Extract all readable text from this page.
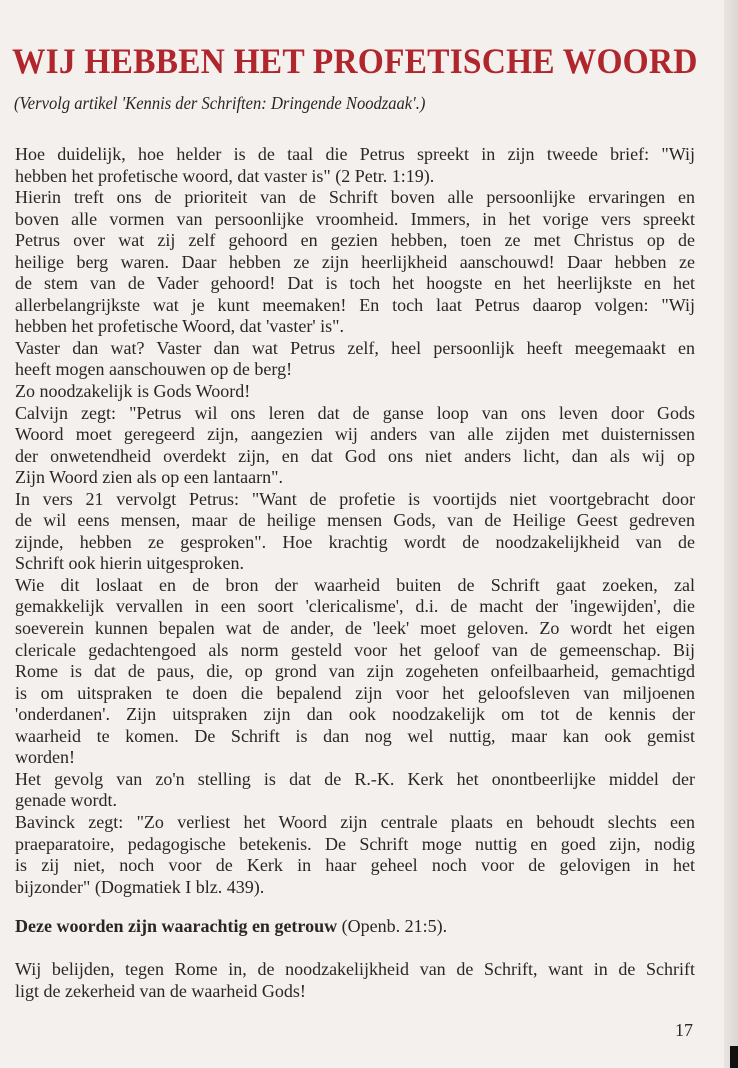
WIJ HEBBEN HET PROFETISCHE WOORD
(Vervolg artikel 'Kennis der Schriften: Dringende Noodzaak'.)
Hoe duidelijk, hoe helder is de taal die Petrus spreekt in zijn tweede brief: "Wij
hebben het profetische woord, dat vaster is" (2 Petr. 1:19).
Hierin treft ons de prioriteit van de Schrift boven alle persoonlijke ervaringen en
boven alle vormen van persoonlijke vroomheid. Immers, in het vorige vers spreekt
Petrus over wat zij zelf gehoord en gezien hebben, toen ze met Christus op de
heilige berg waren. Daar hebben ze zijn heerlijkheid aanschouwd! Daar hebben ze
de stem van de Vader gehoord! Dat is toch het hoogste en het heerlijkste en het
allerbelangrijkste wat je kunt meemaken! En toch laat Petrus daarop volgen: "Wij
hebben het profetische Woord, dat 'vaster' is".
Vaster dan wat? Vaster dan wat Petrus zelf, heel persoonlijk heeft meegemaakt en
heeft mogen aanschouwen op de berg!
Zo noodzakelijk is Gods Woord!
Calvijn zegt: "Petrus wil ons leren dat de ganse loop van ons leven door Gods
Woord moet geregeerd zijn, aangezien wij anders van alle zijden met duisternissen
der onwetendheid overdekt zijn, en dat God ons niet anders licht, dan als wij op
Zijn Woord zien als op een lantaarn".
In vers 21 vervolgt Petrus: "Want de profetie is voortijds niet voortgebracht door
de wil eens mensen, maar de heilige mensen Gods, van de Heilige Geest gedreven
zijnde, hebben ze gesproken". Hoe krachtig wordt de noodzakelijkheid van de
Schrift ook hierin uitgesproken.
Wie dit loslaat en de bron der waarheid buiten de Schrift gaat zoeken, zal
gemakkelijk vervallen in een soort 'clericalisme', d.i. de macht der 'ingewijden', die
soeverein kunnen bepalen wat de ander, de 'leek' moet geloven. Zo wordt het eigen
clericale gedachtengoed als norm gesteld voor het geloof van de gemeenschap. Bij
Rome is dat de paus, die, op grond van zijn zogeheten onfeilbaarheid, gemachtigd
is om uitspraken te doen die bepalend zijn voor het geloofsleven van miljoenen
'onderdanen'. Zijn uitspraken zijn dan ook noodzakelijk om tot de kennis der
waarheid te komen. De Schrift is dan nog wel nuttig, maar kan ook gemist
worden!
Het gevolg van zo'n stelling is dat de R.-K. Kerk het onontbeerlijke middel der
genade wordt.
Bavinck zegt: "Zo verliest het Woord zijn centrale plaats en behoudt slechts een
praeparatoire, pedagogische betekenis. De Schrift moge nuttig en goed zijn, nodig
is zij niet, noch voor de Kerk in haar geheel noch voor de gelovigen in het
bijzonder" (Dogmatiek I blz. 439).
Deze woorden zijn waarachtig en getrouw (Openb. 21:5).
Wij belijden, tegen Rome in, de noodzakelijkheid van de Schrift, want in de Schrift
ligt de zekerheid van de waarheid Gods!
17
